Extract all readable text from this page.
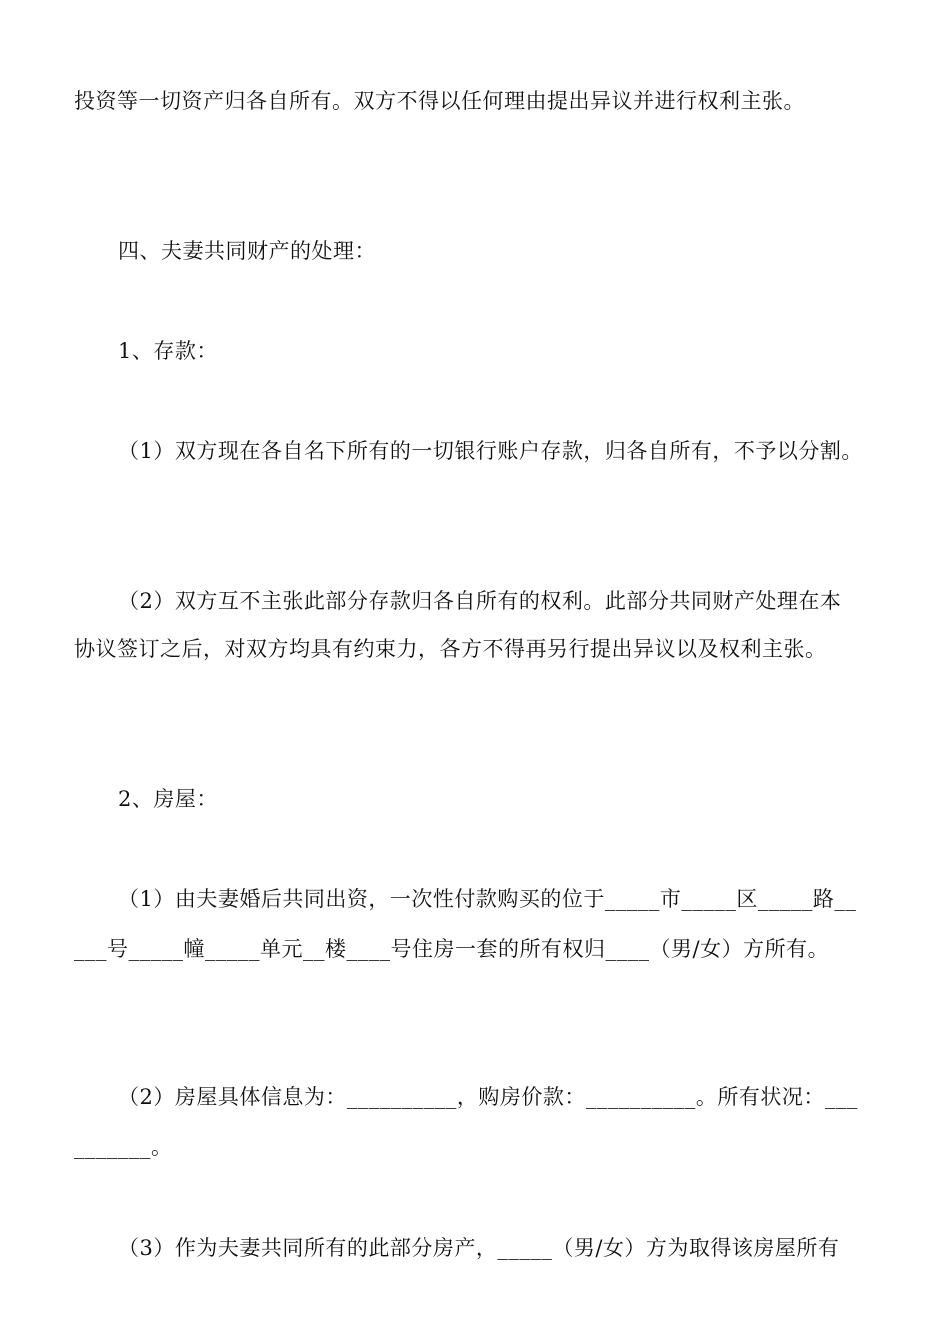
投资等一切资产归各自所有。双方不得以任何理由提出异议并进行权利主张。
四、夫妻共同财产的处理：
1、存款：
（1）双方现在各自名下所有的一切银行账户存款，归各自所有，不予以分割。
（2）双方互不主张此部分存款归各自所有的权利。此部分共同财产处理在本
协议签订之后，对双方均具有约束力，各方不得再另行提出异议以及权利主张。
2、房屋：
（1）由夫妻婚后共同出资，一次性付款购买的位于_____市_____区_____路__
___号_____幢_____单元__楼____号住房一套的所有权归____（男/女）方所有。
（2）房屋具体信息为：__________，购房价款：__________。所有状况：___
_______。
（3）作为夫妻共同所有的此部分房产，_____（男/女）方为取得该房屋所有
